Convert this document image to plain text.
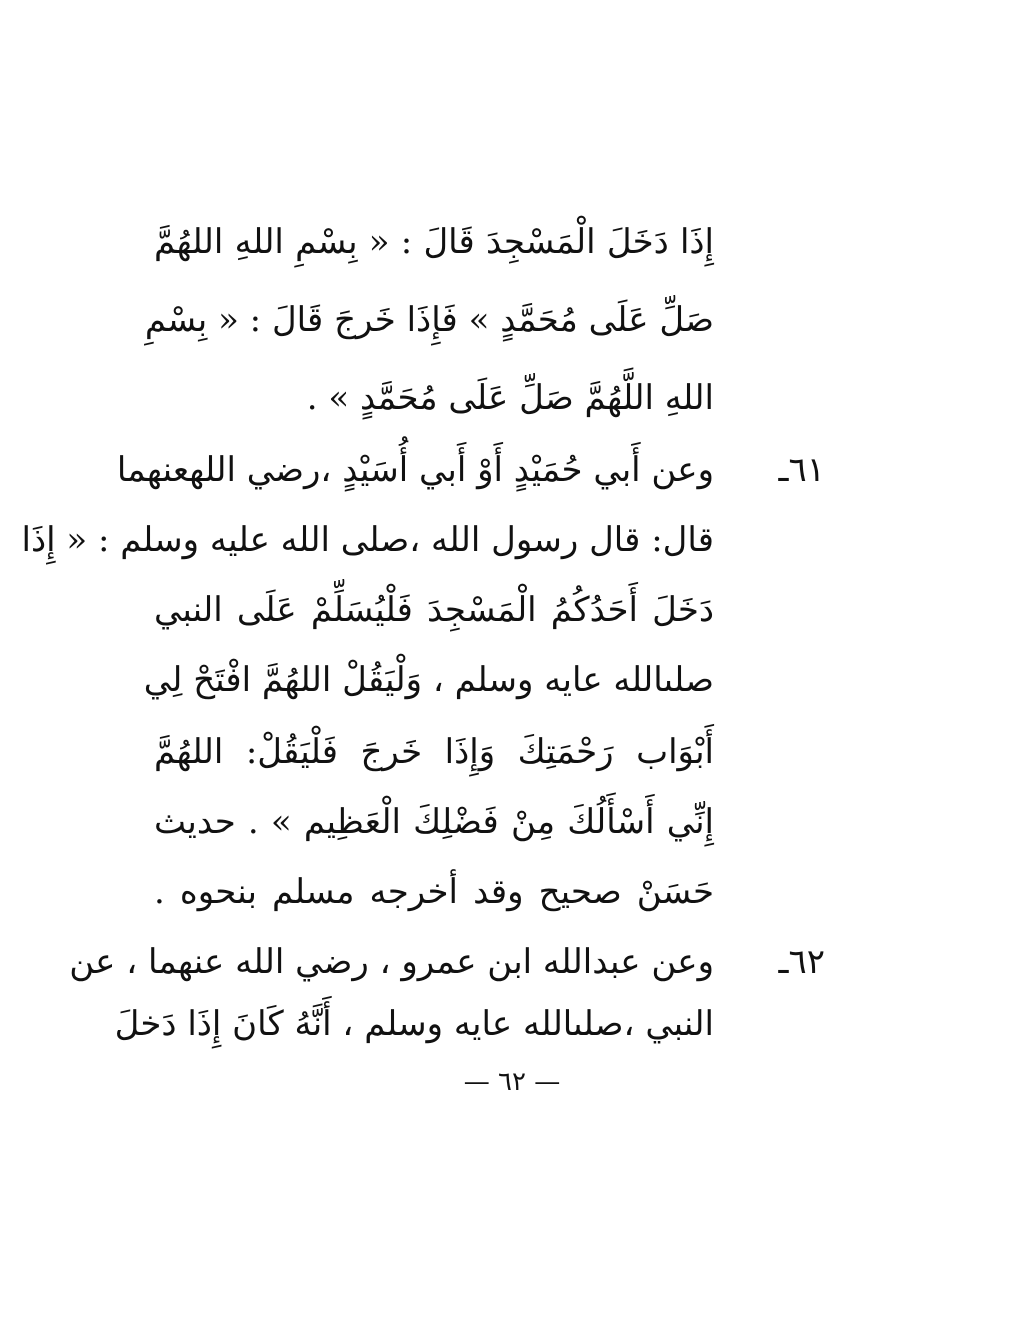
إِذَا دَخَلَ الْمَسْجِدَ قَالَ : « بِسْمِ اللهِ اللهُمَّ
صَلِّ عَلَى مُحَمَّدٍ » فَإِذَا خَرجَ قَالَ : « بِسْمِ
اللهِ اللَّهُمَّ صَلِّ عَلَى مُحَمَّدٍ » .
٦١ـ
وعن أَبي حُمَيْدٍ أَوْ أَبي أُسَيْدٍ ،رضي اللهعنهما
قال: قال رسول الله ،صلى الله عليه وسلم : « إِذَا
دَخَلَ أَحَدُكُمُ الْمَسْجِدَ فَلْيُسَلِّمْ عَلَى النبي
صلىالله عايه وسلم ، وَلْيَقُلْ اللهُمَّ افْتَحْ لِي
أَبْوَاب رَحْمَتِكَ وَإِذَا خَرجَ فَلْيَقُلْ: اللهُمَّ
إِنِّي أَسْأَلُكَ مِنْ فَضْلِكَ الْعَظِيم » . حديث
حَسَنْ صحيح وقد أخرجه مسلم بنحوه .
٦٢ـ
وعن عبدالله ابن عمرو ، رضي الله عنهما ، عن
النبي ،صلىالله عايه وسلم ، أَنَّهُ كَانَ إِذَا دَخلَ
— ٦٢ —
